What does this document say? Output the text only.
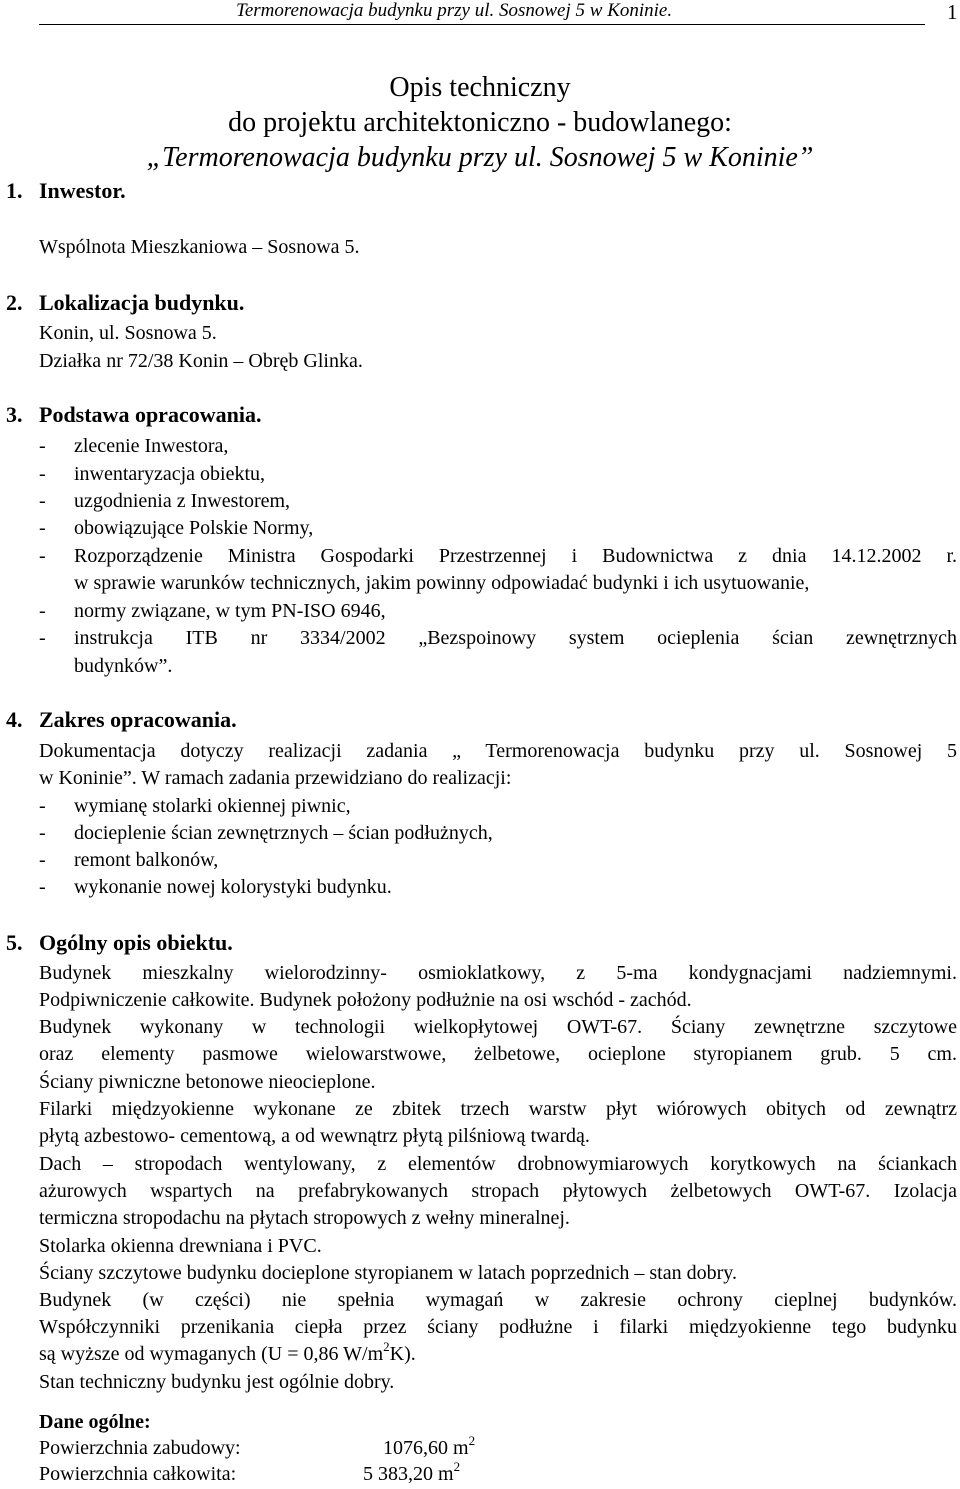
Termorenowacja budynku przy ul. Sosnowej 5 w Koninie.	1
Opis techniczny
do projektu architektoniczno - budowlanego:
„Termorenowacja budynku przy ul. Sosnowej 5 w Koninie”
1. Inwestor.
Wspólnota Mieszkaniowa – Sosnowa 5.
2. Lokalizacja budynku.
Konin, ul. Sosnowa 5.
Działka nr 72/38 Konin – Obręb Glinka.
3. Podstawa opracowania.
- zlecenie Inwestora,
- inwentaryzacja obiektu,
- uzgodnienia z Inwestorem,
- obowiązujące Polskie Normy,
- Rozporządzenie Ministra Gospodarki Przestrzennej i Budownictwa z dnia 14.12.2002 r.
w sprawie warunków technicznych, jakim powinny odpowiadać budynki i ich usytuowanie,
- normy związane, w tym PN-ISO 6946,
- instrukcja ITB nr 3334/2002 „Bezspoinowy system ocieplenia ścian zewnętrznych
budynków”.
4. Zakres opracowania.
Dokumentacja dotyczy realizacji zadania „ Termorenowacja budynku przy ul. Sosnowej 5
w Koninie”. W ramach zadania przewidziano do realizacji:
- wymianę stolarki okiennej piwnic,
- docieplenie ścian zewnętrznych – ścian podłużnych,
- remont balkonów,
- wykonanie nowej kolorystyki budynku.
5. Ogólny opis obiektu.
Budynek mieszkalny wielorodzinny- osmioklatkowy, z 5-ma kondygnacjami nadziemnymi.
Podpiwniczenie całkowite. Budynek położony podłużnie na osi wschód - zachód.
Budynek wykonany w technologii wielkopłytowej OWT-67. Ściany zewnętrzne szczytowe
oraz elementy pasmowe wielowarstwowe, żelbetowe, ocieplone styropianem grub. 5 cm.
Ściany piwniczne betonowe nieocieplone.
Filarki międzyokienne wykonane ze zbitek trzech warstw płyt wiórowych obitych od zewnątrz
płytą azbestowo- cementową, a od wewnątrz płytą pilśniową twardą.
Dach – stropodach wentylowany, z elementów drobnowymiarowych korytkowych na ściankach
ażurowych wspartych na prefabrykowanych stropach płytowych żelbetowych OWT-67. Izolacja
termiczna stropodachu na płytach stropowych z wełny mineralnej.
Stolarka okienna drewniana i PVC.
Ściany szczytowe budynku docieplone styropianem w latach poprzednich – stan dobry.
Budynek (w części) nie spełnia wymagań w zakresie ochrony cieplnej budynków.
Współczynniki przenikania ciepła przez ściany podłużne i filarki międzyokienne tego budynku
są wyższe od wymaganych (U = 0,86 $W/m^2K$).
Stan techniczny budynku jest ogólnie dobry.
Dane ogólne:
Powierzchnia zabudowy:	1076,60 $m^2$
Powierzchnia całkowita:	5 383,20 $m^2$
